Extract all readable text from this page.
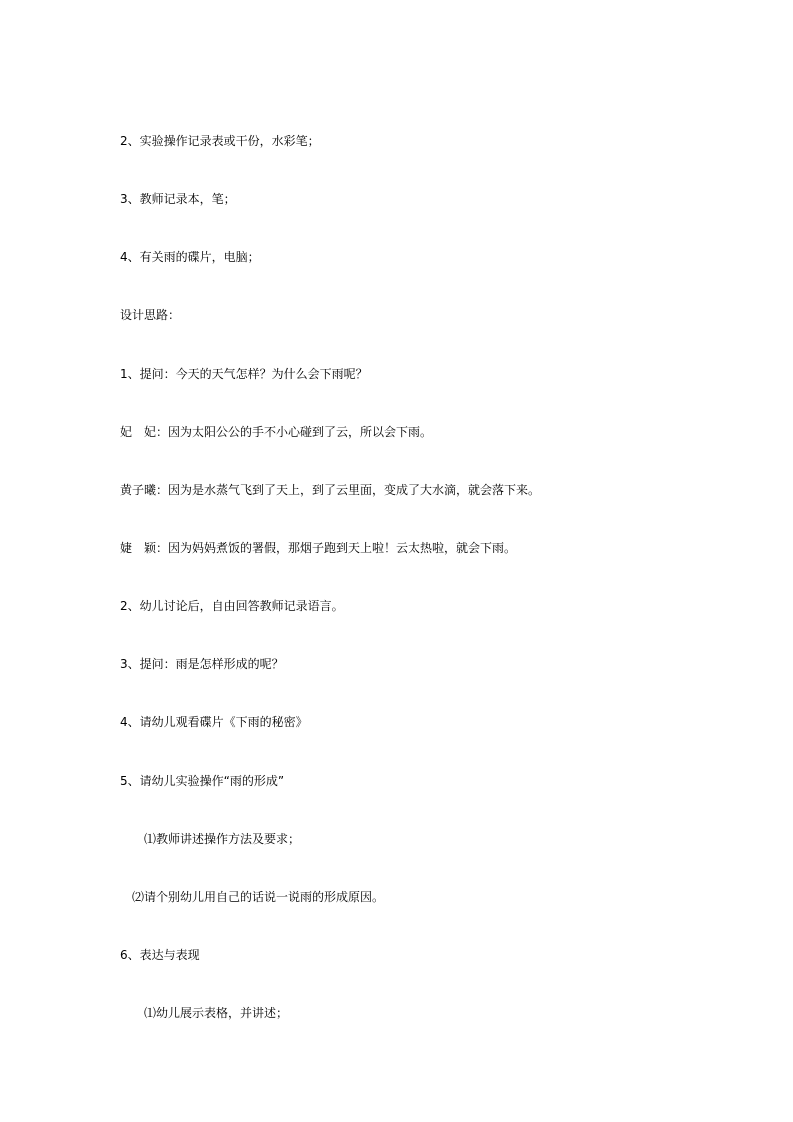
2、实验操作记录表或干份，水彩笔；
3、教师记录本，笔；
4、有关雨的碟片，电脑；
设计思路：
1、提问：今天的天气怎样？为什么会下雨呢？
妃　妃：因为太阳公公的手不小心碰到了云，所以会下雨。
黄子曦：因为是水蒸气飞到了天上，到了云里面，变成了大水滴，就会落下来。
婕　颖：因为妈妈煮饭的署假，那烟子跑到天上啦！云太热啦，就会下雨。
2、幼儿讨论后，自由回答教师记录语言。
3、提问：雨是怎样形成的呢？
4、请幼儿观看碟片《下雨的秘密》
5、请幼儿实验操作“雨的形成”
⑴教师讲述操作方法及要求；
⑵请个别幼儿用自己的话说一说雨的形成原因。
6、表达与表现
⑴幼儿展示表格，并讲述；
